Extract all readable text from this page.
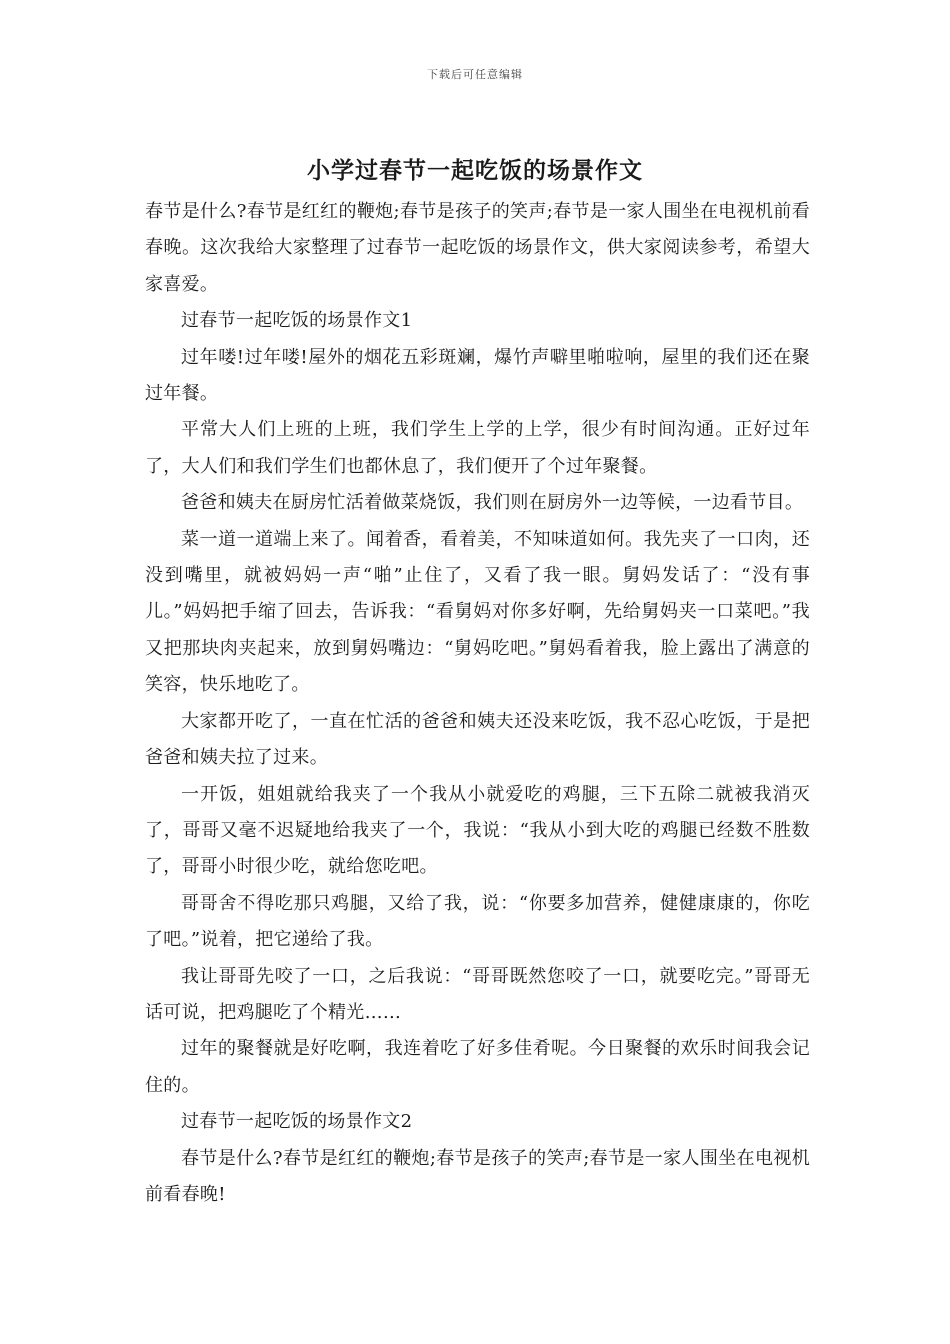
下载后可任意编辑
小学过春节一起吃饭的场景作文

春节是什么?春节是红红的鞭炮;春节是孩子的笑声;春节是一家人围坐在电视机前看春晚。这次我给大家整理了过春节一起吃饭的场景作文，供大家阅读参考，希望大家喜爱。

过春节一起吃饭的场景作文1

过年喽!过年喽!屋外的烟花五彩斑斓，爆竹声噼里啪啦响，屋里的我们还在聚过年餐。

平常大人们上班的上班，我们学生上学的上学，很少有时间沟通。正好过年了，大人们和我们学生们也都休息了，我们便开了个过年聚餐。

爸爸和姨夫在厨房忙活着做菜烧饭，我们则在厨房外一边等候，一边看节目。

菜一道一道端上来了。闻着香，看着美，不知味道如何。我先夹了一口肉，还没到嘴里，就被妈妈一声“啪”止住了，又看了我一眼。舅妈发话了：“没有事儿。”妈妈把手缩了回去，告诉我：“看舅妈对你多好啊，先给舅妈夹一口菜吧。”我又把那块肉夹起来，放到舅妈嘴边：“舅妈吃吧。”舅妈看着我，脸上露出了满意的笑容，快乐地吃了。

大家都开吃了，一直在忙活的爸爸和姨夫还没来吃饭，我不忍心吃饭，于是把爸爸和姨夫拉了过来。

一开饭，姐姐就给我夹了一个我从小就爱吃的鸡腿，三下五除二就被我消灭了，哥哥又毫不迟疑地给我夹了一个，我说：“我从小到大吃的鸡腿已经数不胜数了，哥哥小时很少吃，就给您吃吧。

哥哥舍不得吃那只鸡腿，又给了我，说：“你要多加营养，健健康康的，你吃了吧。”说着，把它递给了我。

我让哥哥先咬了一口，之后我说：“哥哥既然您咬了一口，就要吃完。”哥哥无话可说，把鸡腿吃了个精光……

过年的聚餐就是好吃啊，我连着吃了好多佳肴呢。今日聚餐的欢乐时间我会记住的。

过春节一起吃饭的场景作文2

春节是什么?春节是红红的鞭炮;春节是孩子的笑声;春节是一家人围坐在电视机前看春晚!
